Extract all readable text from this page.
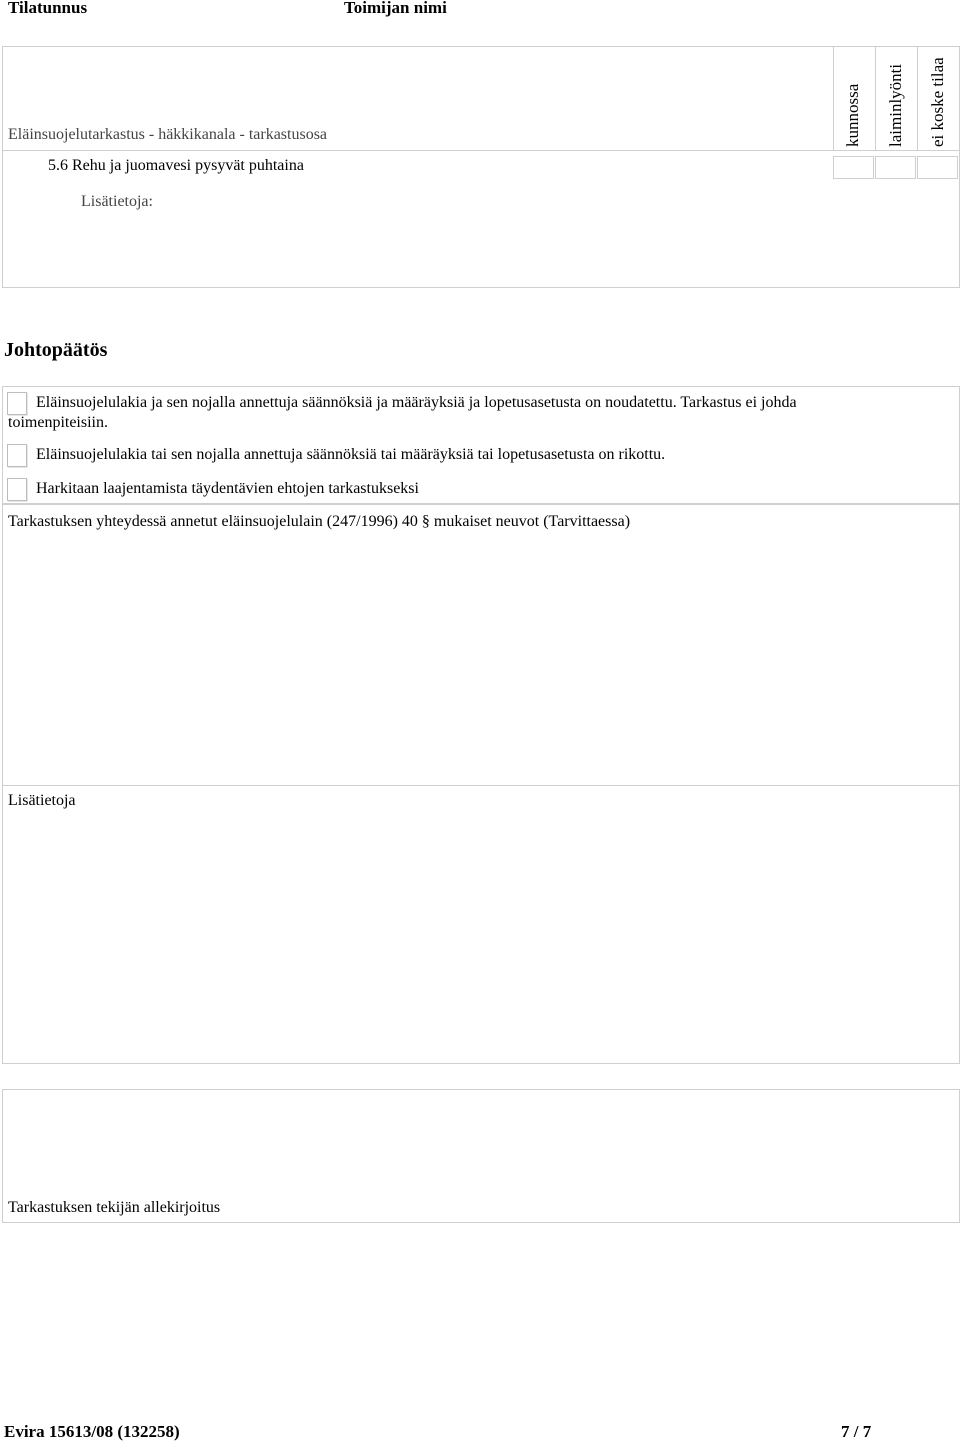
Tilatunnus	Toimijan nimi
Eläinsuojelutarkastus - häkkikanala - tarkastusosa	kunnossa laiminlyönti ei koske tilaa
5.6 Rehu ja juomavesi pysyvät puhtaina
Lisätietoja:
Johtopäätös
Eläinsuojelulakia ja sen nojalla annettuja säännöksiä ja määräyksiä ja lopetusasetusta on noudatettu. Tarkastus ei johda
toimenpiteisiin.
Eläinsuojelulakia tai sen nojalla annettuja säännöksiä tai määräyksiä tai lopetusasetusta on rikottu.
Harkitaan laajentamista täydentävien ehtojen tarkastukseksi
Tarkastuksen yhteydessä annetut eläinsuojelulain (247/1996) 40 § mukaiset neuvot (Tarvittaessa)
Lisätietoja
Tarkastuksen tekijän allekirjoitus
Evira 15613/08 (132258)	7 / 7
